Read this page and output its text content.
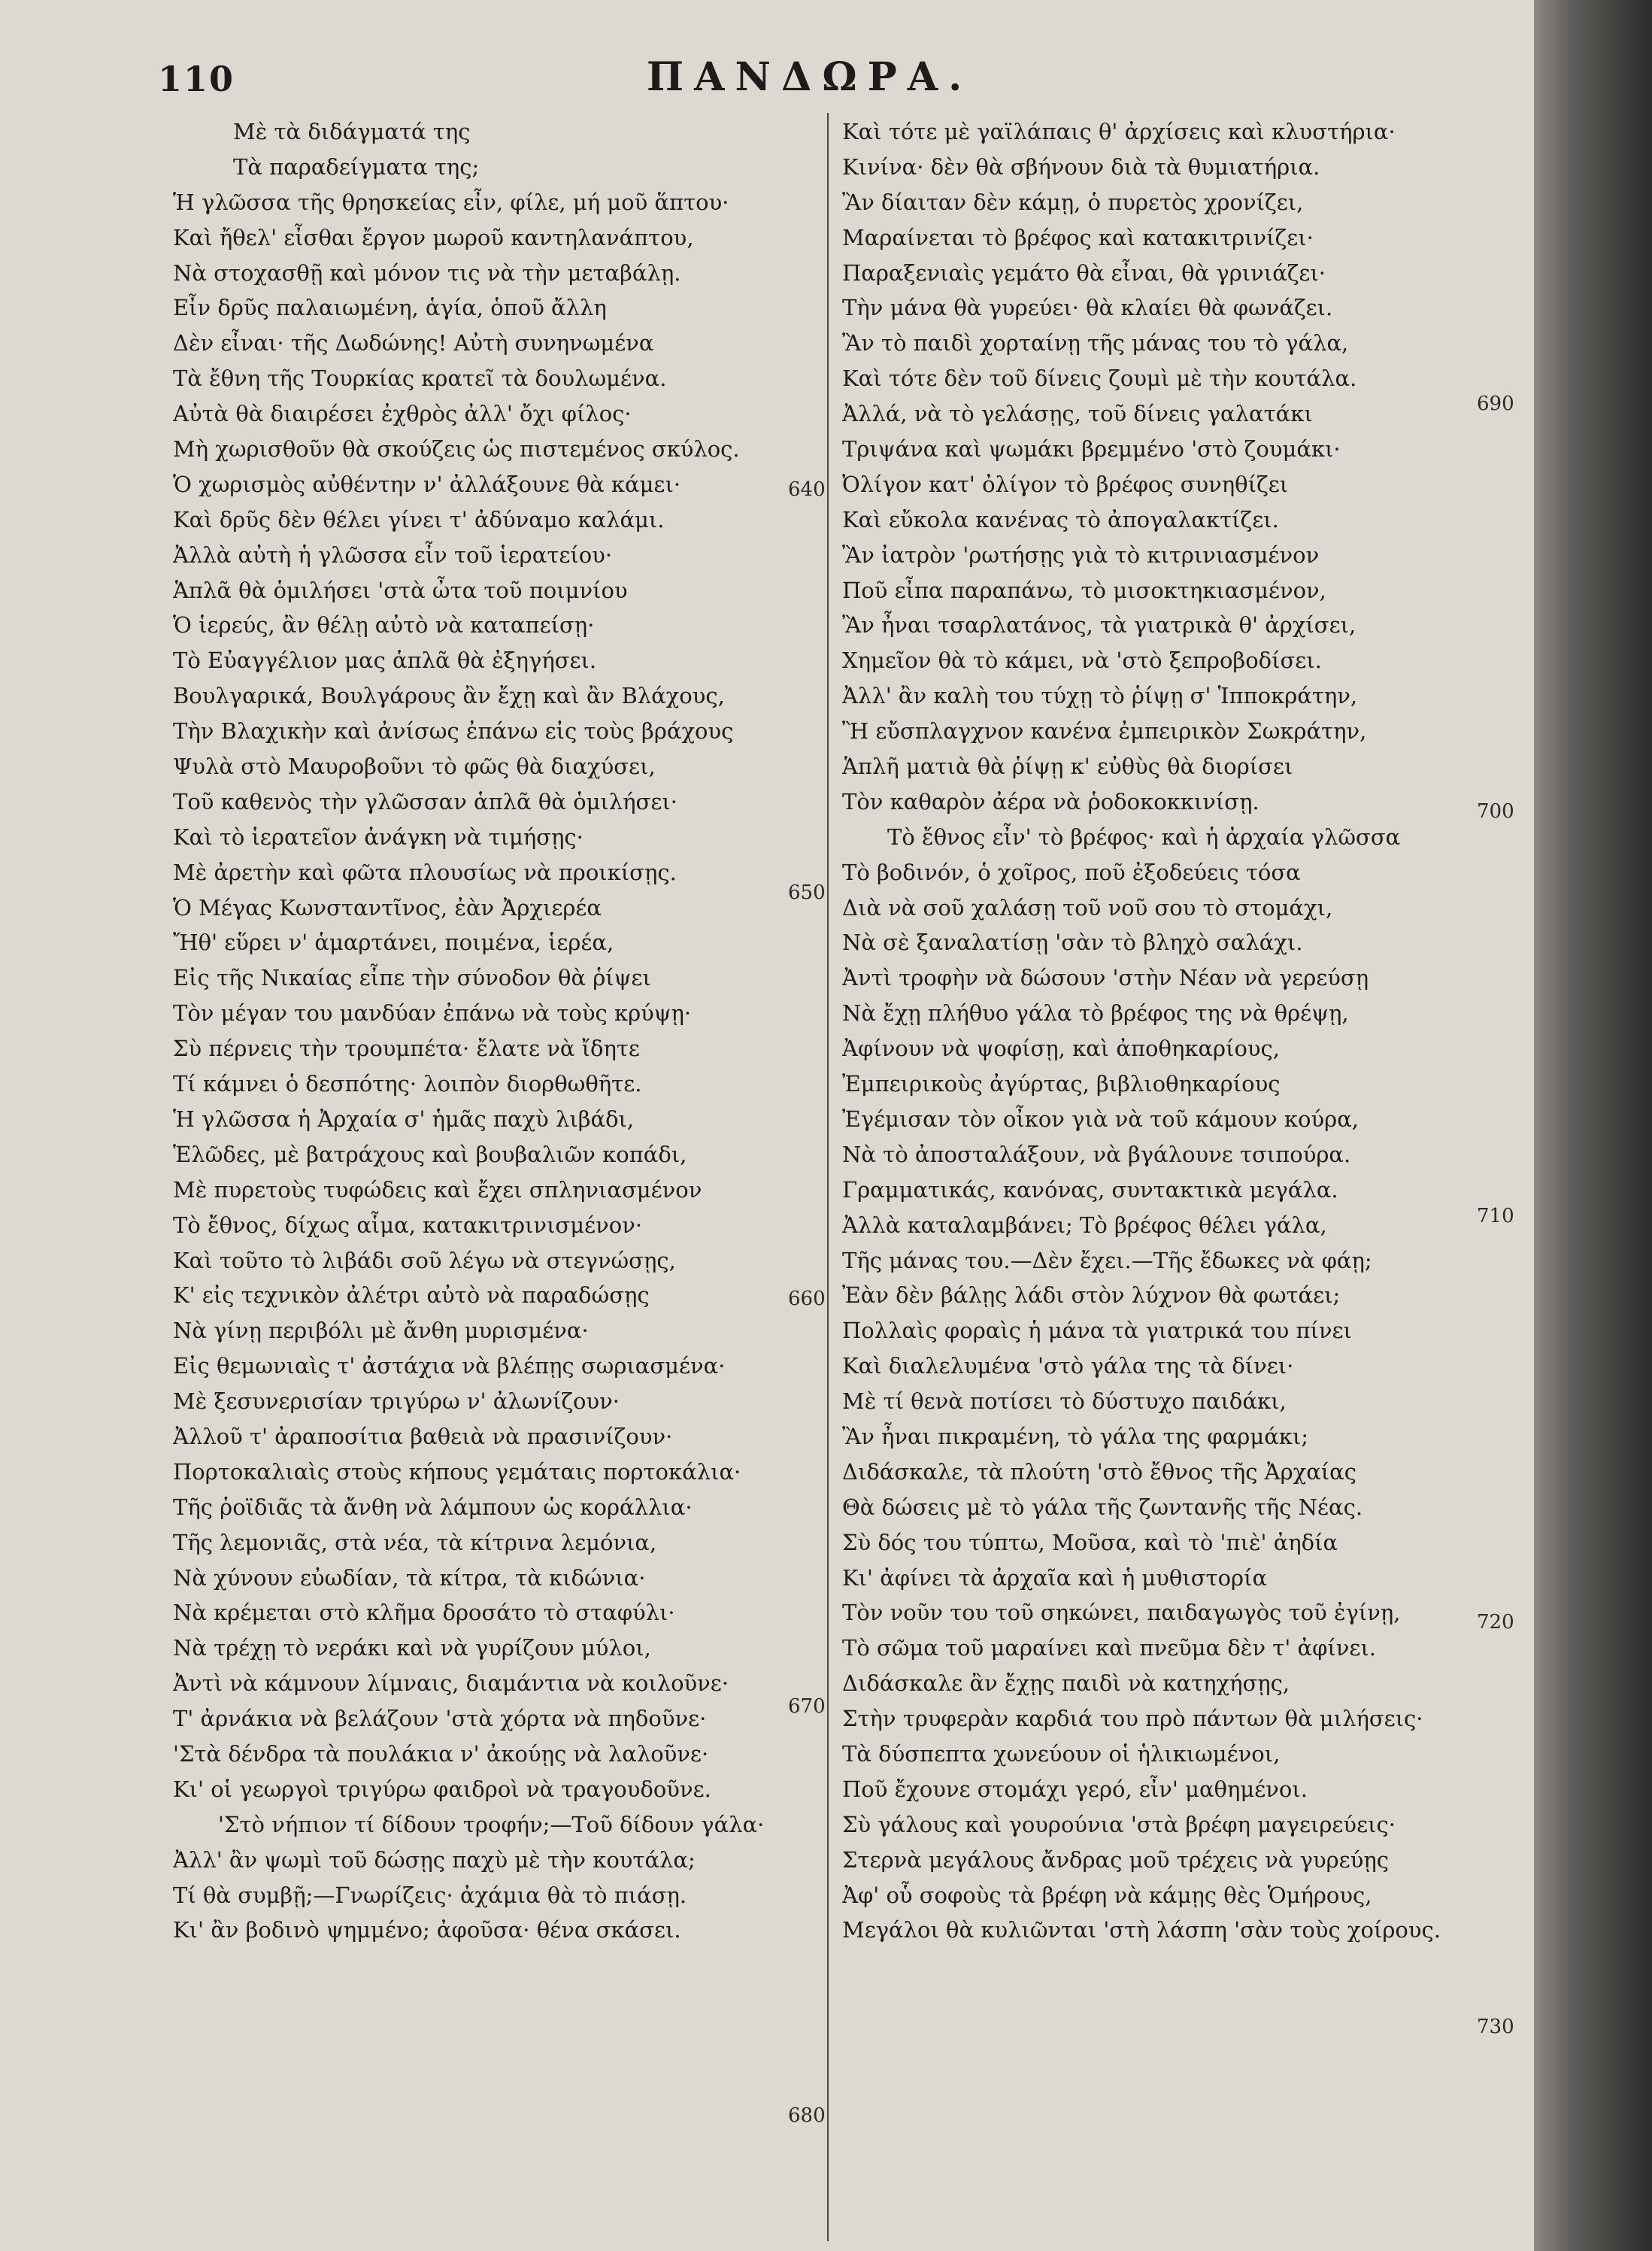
110	ΠΑΝΔΩΡΑ.
Μὲ τὰ διδάγματά της
Τὰ παραδείγματα της;
Ἡ γλῶσσα τῆς θρησκείας εἶν, φίλε, μή μοῦ ἅπτου·
Καὶ ἤθελ' εἶσθαι ἔργον μωροῦ καντηλανάπτου,
Νὰ στοχασθῇ καὶ μόνον τις νὰ τὴν μεταβάλῃ.
Εἶν δρῦς παλαιωμένη, ἁγία, ὁποῦ ἄλλη
Δὲν εἶναι· τῆς Δωδώνης! Αὐτὴ συνηνωμένα
Τὰ ἔθνη τῆς Τουρκίας κρατεῖ τὰ δουλωμένα.
Αὐτὰ θὰ διαιρέσει ἐχθρὸς ἀλλ' ὄχι φίλος·
Μὴ χωρισθοῦν θὰ σκούζεις ὡς πιστεμένος σκύλος.
Ὁ χωρισμὸς αὐθέντην ν' ἀλλάξουνε θὰ κάμει·
Καὶ δρῦς δὲν θέλει γίνει τ' ἀδύναμο καλάμι.
Ἀλλὰ αὐτὴ ἡ γλῶσσα εἶν τοῦ ἱερατείου·
Ἁπλᾶ θὰ ὁμιλήσει 'στὰ ὦτα τοῦ ποιμνίου
Ὁ ἱερεύς, ἂν θέλῃ αὐτὸ νὰ καταπείσῃ·
Τὸ Εὐαγγέλιον μας ἁπλᾶ θὰ ἐξηγήσει.
Βουλγαρικά, Βουλγάρους ἂν ἔχῃ καὶ ἂν Βλάχους,
Τὴν Βλαχικὴν καὶ ἀνίσως ἐπάνω εἰς τοὺς βράχους
Ψυλὰ στὸ Μαυροβοῦνι τὸ φῶς θὰ διαχύσει,
Τοῦ καθενὸς τὴν γλῶσσαν ἁπλᾶ θὰ ὁμιλήσει·
Καὶ τὸ ἱερατεῖον ἀνάγκη νὰ τιμήσῃς·
Μὲ ἀρετὴν καὶ φῶτα πλουσίως νὰ προικίσῃς.
Ὁ Μέγας Κωνσταντῖνος, ἐὰν Ἀρχιερέα
Ἤθ' εὕρει ν' ἁμαρτάνει, ποιμένα, ἱερέα,
Εἰς τῆς Νικαίας εἶπε τὴν σύνοδον θὰ ῥίψει
Τὸν μέγαν του μανδύαν ἐπάνω νὰ τοὺς κρύψῃ·
Σὺ πέρνεις τὴν τρουμπέτα· ἔλατε νὰ ἴδητε
Τί κάμνει ὁ δεσπότης· λοιπὸν διορθωθῆτε.
Ἡ γλῶσσα ἡ Ἀρχαία σ' ἡμᾶς παχὺ λιβάδι,
Ἑλῶδες, μὲ βατράχους καὶ βουβαλιῶν κοπάδι,
Μὲ πυρετοὺς τυφώδεις καὶ ἔχει σπληνιασμένον
Τὸ ἔθνος, δίχως αἷμα, κατακιτρινισμένον·
Καὶ τοῦτο τὸ λιβάδι σοῦ λέγω νὰ στεγνώσῃς,
Κ' εἰς τεχνικὸν ἀλέτρι αὐτὸ νὰ παραδώσῃς
Νὰ γίνῃ περιβόλι μὲ ἄνθη μυρισμένα·
Εἰς θεμωνιαὶς τ' ἀστάχια νὰ βλέπῃς σωριασμένα·
Μὲ ξεσυνερισίαν τριγύρω ν' ἀλωνίζουν·
Ἀλλοῦ τ' ἀραποσίτια βαθειὰ νὰ πρασινίζουν·
Πορτοκαλιαὶς στοὺς κήπους γεμάταις πορτοκάλια·
Τῆς ῥοϊδιᾶς τὰ ἄνθη νὰ λάμπουν ὡς κοράλλια·
Τῆς λεμονιᾶς, στὰ νέα, τὰ κίτρινα λεμόνια,
Νὰ χύνουν εὐωδίαν, τὰ κίτρα, τὰ κιδώνια·
Νὰ κρέμεται στὸ κλῆμα δροσάτο τὸ σταφύλι·
Νὰ τρέχῃ τὸ νεράκι καὶ νὰ γυρίζουν μύλοι,
Ἀντὶ νὰ κάμνουν λίμναις, διαμάντια νὰ κοιλοῦνε·
Τ' ἀρνάκια νὰ βελάζουν 'στὰ χόρτα νὰ πηδοῦνε·
'Στὰ δένδρα τὰ πουλάκια ν' ἀκούῃς νὰ λαλοῦνε·
Κι' οἱ γεωργοὶ τριγύρω φαιδροὶ νὰ τραγουδοῦνε.
'Στὸ νήπιον τί δίδουν τροφήν;—Τοῦ δίδουν γάλα·
Ἀλλ' ἂν ψωμὶ τοῦ δώσῃς παχὺ μὲ τὴν κουτάλα;
Τί θὰ συμβῇ;—Γνωρίζεις· ἀχάμια θὰ τὸ πιάσῃ.
Κι' ἂν βοδινὸ ψημμένο; ἀφοῦσα· θένα σκάσει.
Καὶ τότε μὲ γαϊλάπαις θ' ἀρχίσεις καὶ κλυστήρια·
Κινίνα· δὲν θὰ σβήνουν διὰ τὰ θυμιατήρια.
Ἂν δίαιταν δὲν κάμῃ, ὁ πυρετὸς χρονίζει,
Μαραίνεται τὸ βρέφος καὶ κατακιτρινίζει·
Παραξενιαὶς γεμάτο θὰ εἶναι, θὰ γρινιάζει·
Τὴν μάνα θὰ γυρεύει· θὰ κλαίει θὰ φωνάζει.
Ἂν τὸ παιδὶ χορταίνῃ τῆς μάνας του τὸ γάλα,
Καὶ τότε δὲν τοῦ δίνεις ζουμὶ μὲ τὴν κουτάλα.
Ἀλλά, νὰ τὸ γελάσῃς, τοῦ δίνεις γαλατάκι
Τριψάνα καὶ ψωμάκι βρεμμένο 'στὸ ζουμάκι·
Ὀλίγον κατ' ὀλίγον τὸ βρέφος συνηθίζει
Καὶ εὔκολα κανένας τὸ ἀπογαλακτίζει.
Ἂν ἰατρὸν 'ρωτήσῃς γιὰ τὸ κιτρινιασμένον
Ποῦ εἶπα παραπάνω, τὸ μισοκτηκιασμένον,
Ἂν ἦναι τσαρλατάνος, τὰ γιατρικὰ θ' ἀρχίσει,
Χημεῖον θὰ τὸ κάμει, νὰ 'στὸ ξεπροβοδίσει.
Ἀλλ' ἂν καλὴ του τύχῃ τὸ ῥίψῃ σ' Ἱπποκράτην,
Ἢ εὔσπλαγχνον κανένα ἐμπειρικὸν Σωκράτην,
Ἁπλῆ ματιὰ θὰ ῥίψῃ κ' εὐθὺς θὰ διορίσει
Τὸν καθαρὸν ἀέρα νὰ ῥοδοκοκκινίσῃ.
Τὸ ἔθνος εἶν' τὸ βρέφος· καὶ ἡ ἀρχαία γλῶσσα
Τὸ βοδινόν, ὁ χοῖρος, ποῦ ἐξοδεύεις τόσα
Διὰ νὰ σοῦ χαλάσῃ τοῦ νοῦ σου τὸ στομάχι,
Νὰ σὲ ξαναλατίσῃ 'σὰν τὸ βληχὸ σαλάχι.
Ἀντὶ τροφὴν νὰ δώσουν 'στὴν Νέαν νὰ γερεύσῃ
Νὰ ἔχῃ πλήθυο γάλα τὸ βρέφος της νὰ θρέψῃ,
Ἀφίνουν νὰ ψοφίσῃ, καὶ ἀποθηκαρίους,
Ἐμπειρικοὺς ἀγύρτας, βιβλιοθηκαρίους
Ἐγέμισαν τὸν οἶκον γιὰ νὰ τοῦ κάμουν κούρα,
Νὰ τὸ ἀποσταλάξουν, νὰ βγάλουνε τσιπούρα.
Γραμματικάς, κανόνας, συντακτικὰ μεγάλα.
Ἀλλὰ καταλαμβάνει; Τὸ βρέφος θέλει γάλα,
Τῆς μάνας του.—Δὲν ἔχει.—Τῆς ἔδωκες νὰ φάῃ;
Ἐὰν δὲν βάλῃς λάδι στὸν λύχνον θὰ φωτάει;
Πολλαὶς φοραὶς ἡ μάνα τὰ γιατρικά του πίνει
Καὶ διαλελυμένα 'στὸ γάλα της τὰ δίνει·
Μὲ τί θενὰ ποτίσει τὸ δύστυχο παιδάκι,
Ἂν ἦναι πικραμένη, τὸ γάλα της φαρμάκι;
Διδάσκαλε, τὰ πλούτη 'στὸ ἔθνος τῆς Ἀρχαίας
Θὰ δώσεις μὲ τὸ γάλα τῆς ζωντανῆς τῆς Νέας.
Σὺ δός του τύπτω, Μοῦσα, καὶ τὸ 'πιὲ' ἀηδία
Κι' ἀφίνει τὰ ἀρχαῖα καὶ ἡ μυθιστορία
Τὸν νοῦν του τοῦ σηκώνει, παιδαγωγὸς τοῦ ἐγίνῃ,
Τὸ σῶμα τοῦ μαραίνει καὶ πνεῦμα δὲν τ' ἀφίνει.
Διδάσκαλε ἂν ἔχῃς παιδὶ νὰ κατηχήσῃς,
Στὴν τρυφερὰν καρδιά του πρὸ πάντων θὰ μιλήσεις·
Τὰ δύσπεπτα χωνεύουν οἱ ἡλικιωμένοι,
Ποῦ ἔχουνε στομάχι γερό, εἶν' μαθημένοι.
Σὺ γάλους καὶ γουρούνια 'στὰ βρέφη μαγειρεύεις·
Στερνὰ μεγάλους ἄνδρας μοῦ τρέχεις νὰ γυρεύῃς
Ἀφ' οὗ σοφοὺς τὰ βρέφη νὰ κάμῃς θὲς Ὁμήρους,
Μεγάλοι θὰ κυλιῶνται 'στὴ λάσπη 'σὰν τοὺς χοίρους.
640
650
660
670
680
690
700
710
720
730
